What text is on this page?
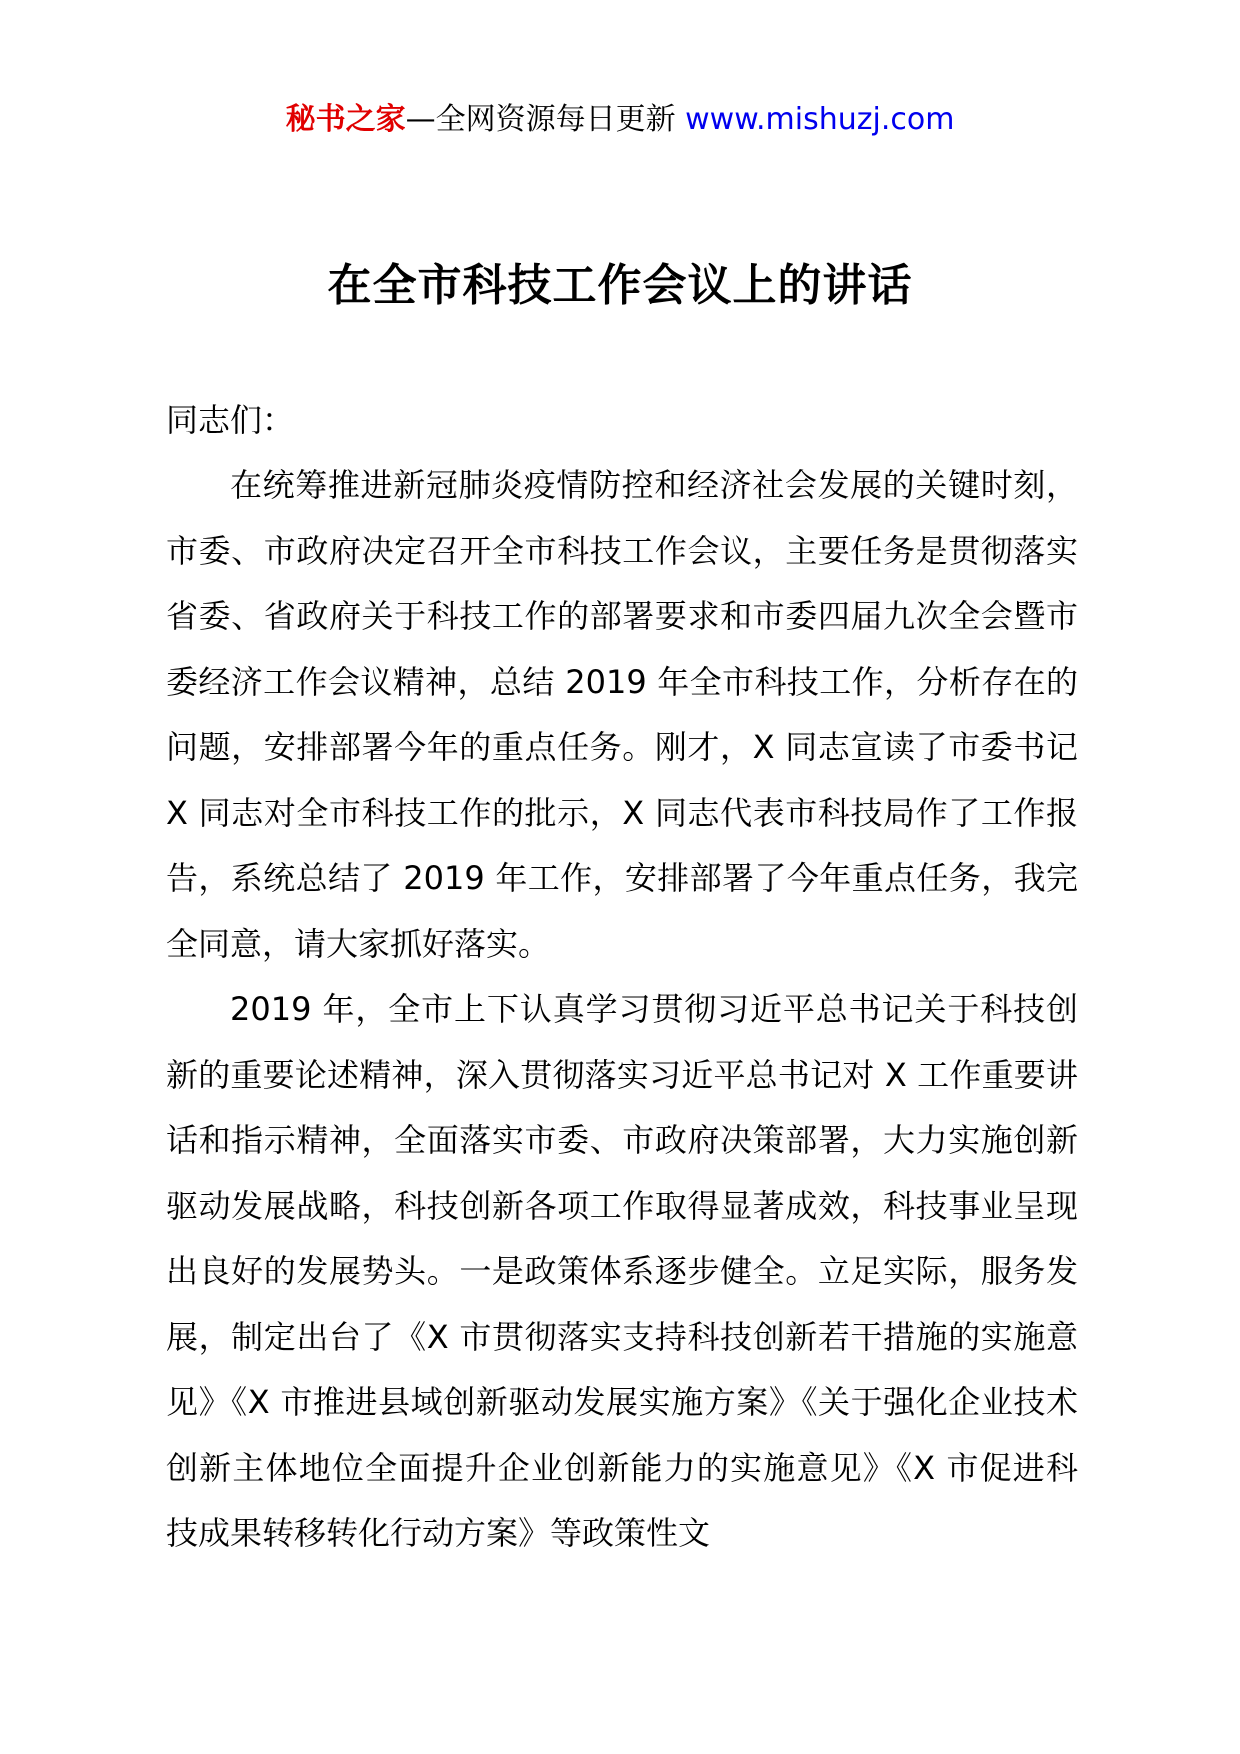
秘书之家—全网资源每日更新 www.mishuzj.com
在全市科技工作会议上的讲话

同志们：

在统筹推进新冠肺炎疫情防控和经济社会发展的关键时刻，市委、市政府决定召开全市科技工作会议，主要任务是贯彻落实省委、省政府关于科技工作的部署要求和市委四届九次全会暨市委经济工作会议精神，总结 2019 年全市科技工作，分析存在的问题，安排部署今年的重点任务。刚才，X 同志宣读了市委书记 X 同志对全市科技工作的批示，X 同志代表市科技局作了工作报告，系统总结了 2019 年工作，安排部署了今年重点任务，我完全同意，请大家抓好落实。

2019 年，全市上下认真学习贯彻习近平总书记关于科技创新的重要论述精神，深入贯彻落实习近平总书记对 X 工作重要讲话和指示精神，全面落实市委、市政府决策部署，大力实施创新驱动发展战略，科技创新各项工作取得显著成效，科技事业呈现出良好的发展势头。一是政策体系逐步健全。立足实际，服务发展，制定出台了《X 市贯彻落实支持科技创新若干措施的实施意见》《X 市推进县域创新驱动发展实施方案》《关于强化企业技术创新主体地位全面提升企业创新能力的实施意见》《X 市促进科技成果转移转化行动方案》等政策性文
